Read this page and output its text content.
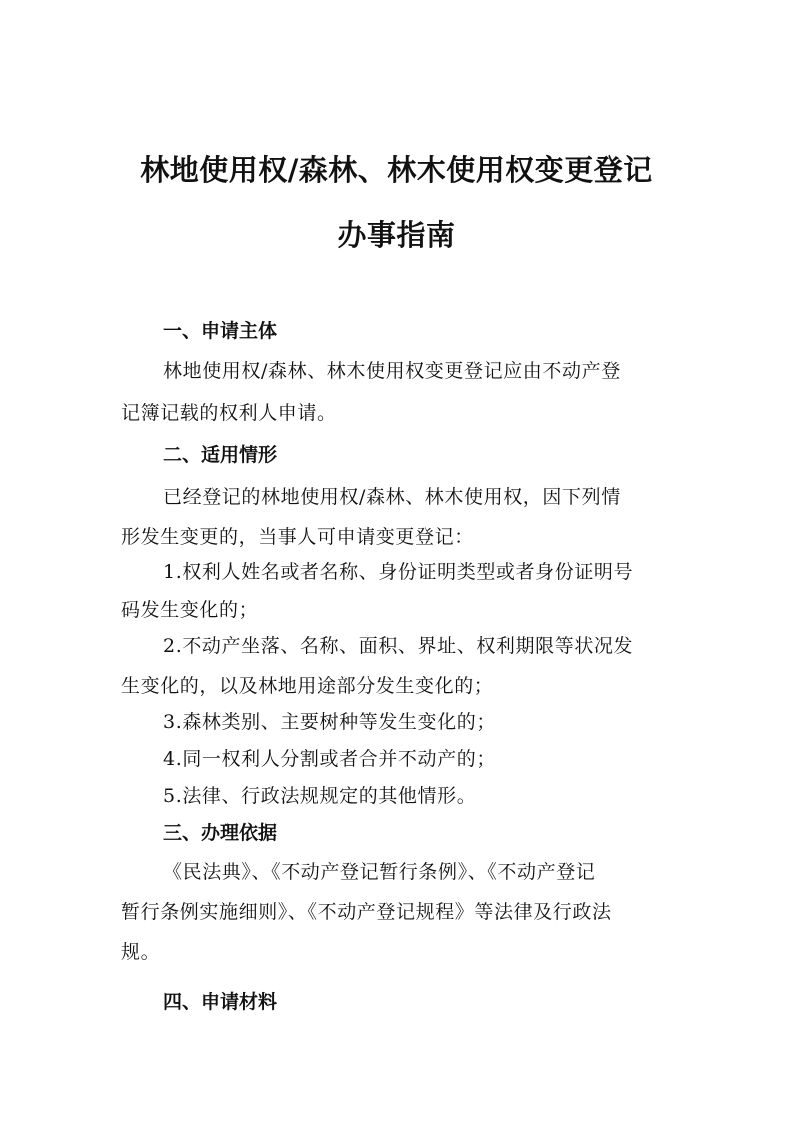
林地使用权/森林、林木使用权变更登记
办事指南
一、申请主体
林地使用权/森林、林木使用权变更登记应由不动产登
记簿记载的权利人申请。
二、适用情形
已经登记的林地使用权/森林、林木使用权，因下列情
形发生变更的，当事人可申请变更登记：
1.权利人姓名或者名称、身份证明类型或者身份证明号
码发生变化的；
2.不动产坐落、名称、面积、界址、权利期限等状况发
生变化的，以及林地用途部分发生变化的；
3.森林类别、主要树种等发生变化的；
4.同一权利人分割或者合并不动产的；
5.法律、行政法规规定的其他情形。
三、办理依据
《民法典》、《不动产登记暂行条例》、《不动产登记
暂行条例实施细则》、《不动产登记规程》等法律及行政法
规。
四、申请材料
